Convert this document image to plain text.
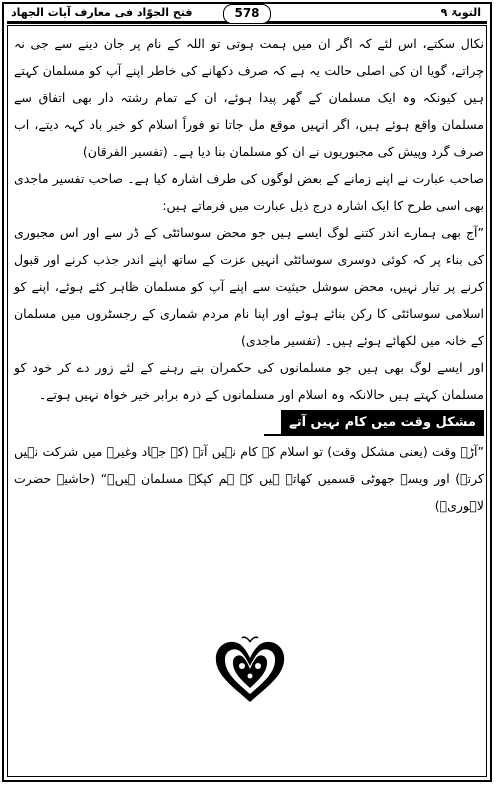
التوبۃ ۹
578
فتح الجوّاد فی معارف آیات الجهاد

نکال سکتے، اس لئے کہ اگر ان میں ہمت ہوتی تو اللہ کے نام پر جان دینے سے جی نہ چراتے، گویا ان کی اصلی حالت یہ ہے کہ صرف دکھانے کی خاطر اپنے آپ کو مسلمان کہتے ہیں کیونکہ وہ ایک مسلمان کے گھر پیدا ہوئے، ان کے تمام رشتہ دار بھی اتفاق سے مسلمان واقع ہوئے ہیں، اگر انہیں موقع مل جاتا تو فوراً اسلام کو خیر باد کہہ دیتے، اب صرف گرد وپیش کی مجبوریوں نے ان کو مسلمان بنا دیا ہے۔ (تفسیر الفرقان)

صاحب عبارت نے اپنے زمانے کے بعض لوگوں کی طرف اشارہ کیا ہے۔ صاحب تفسیر ماجدی بھی اسی طرح کا ایک اشارہ درج ذیل عبارت میں فرماتے ہیں:

”آج بھی ہمارے اندر کتنے لوگ ایسے ہیں جو محض سوسائٹی کے ڈر سے اور اس مجبوری کی بناء پر کہ کوئی دوسری سوسائٹی انہیں عزت کے ساتھ اپنے اندر جذب کرنے اور قبول کرنے پر تیار نہیں، محض سوشل حیثیت سے اپنے آپ کو مسلمان ظاہر کئے ہوئے، اپنے کو اسلامی سوسائٹی کا رکن بنائے ہوئے اور اپنا نام مردم شماری کے رجسٹروں میں مسلمان کے خانہ میں لکھائے ہوئے ہیں۔ (تفسیر ماجدی)

اور ایسے لوگ بھی ہیں جو مسلمانوں کی حکمران بنے رہنے کے لئے زور دے کر خود کو مسلمان کہتے ہیں حالانکہ وہ اسلام اور مسلمانوں کے ذرہ برابر خیر خواہ نہیں ہوتے۔

مشکل وقت میں کام نہیں آتے

”آڑے وقت (یعنی مشکل وقت) تو اسلام کے کام نہیں آتے (کہ جہاد وغیرہ میں شرکت نہیں کرتے) اور ویسے جھوٹی قسمیں کھاتے ہیں کہ ہم کپکے مسلمان ہیں۔“ (حاشیہ حضرت لاہوریؒ)
